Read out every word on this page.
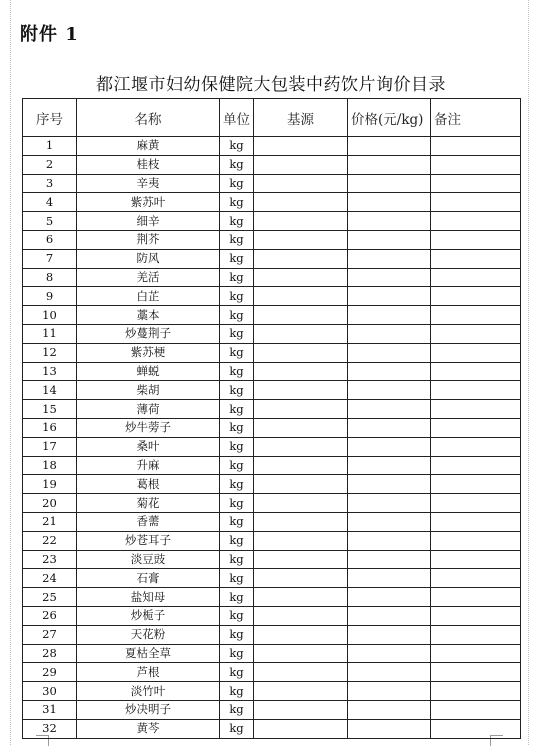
附件 1
都江堰市妇幼保健院大包装中药饮片询价目录
序号	名称	单位	基源	价格(元/kg)	备注
1	麻黄	kg			
2	桂枝	kg			
3	辛夷	kg			
4	紫苏叶	kg			
5	细辛	kg			
6	荆芥	kg			
7	防风	kg			
8	羌活	kg			
9	白芷	kg			
10	藁本	kg			
11	炒蔓荆子	kg			
12	紫苏梗	kg			
13	蝉蜕	kg			
14	柴胡	kg			
15	薄荷	kg			
16	炒牛蒡子	kg			
17	桑叶	kg			
18	升麻	kg			
19	葛根	kg			
20	菊花	kg			
21	香薷	kg			
22	炒苍耳子	kg			
23	淡豆豉	kg			
24	石膏	kg			
25	盐知母	kg			
26	炒栀子	kg			
27	天花粉	kg			
28	夏枯全草	kg			
29	芦根	kg			
30	淡竹叶	kg			
31	炒决明子	kg			
32	黄芩	kg			
